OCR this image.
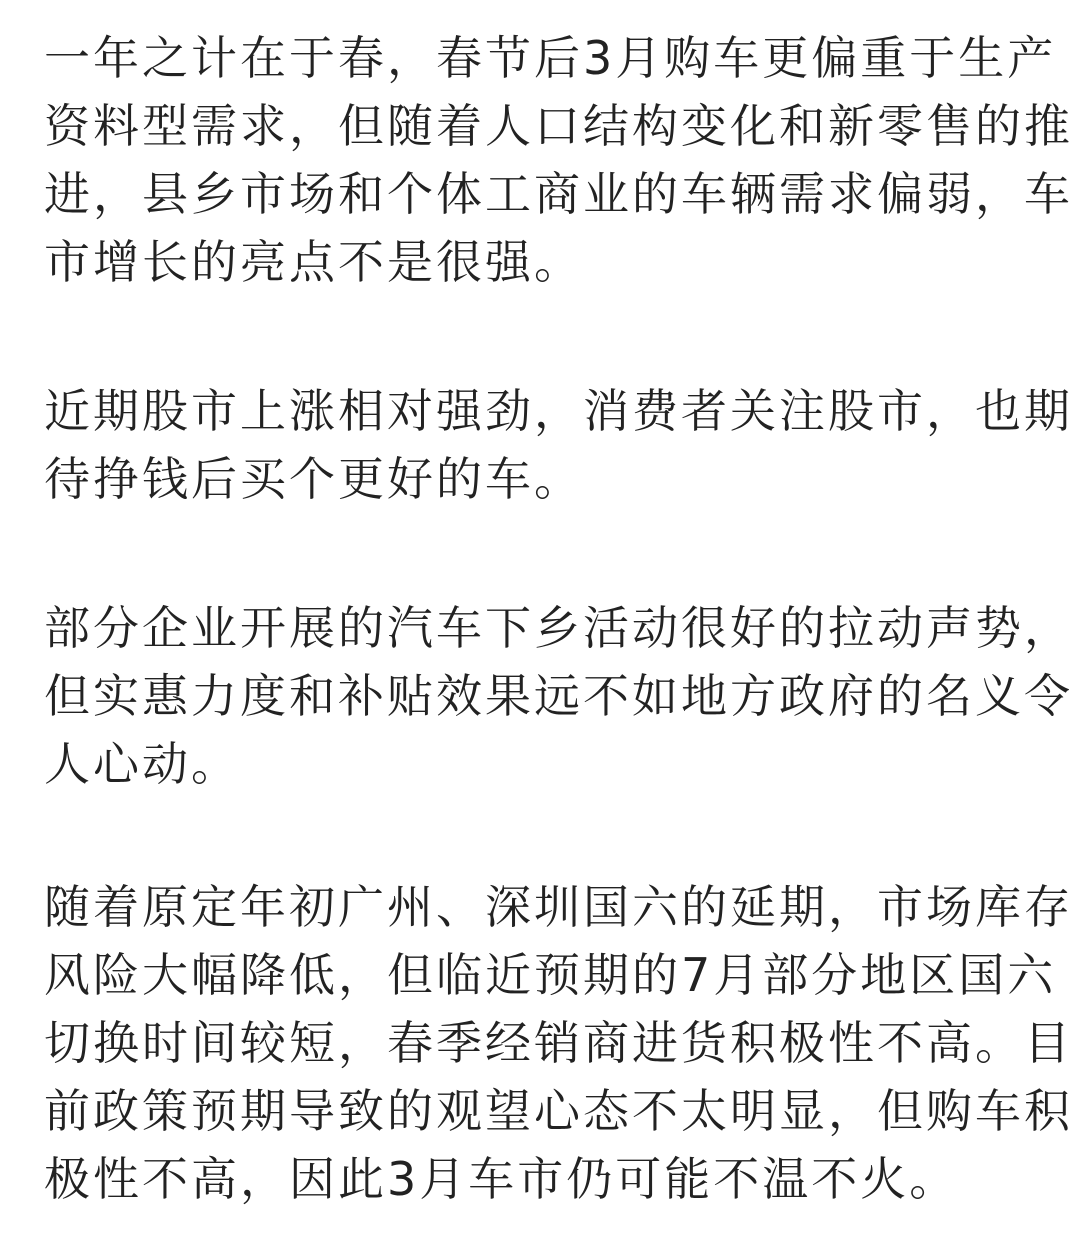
一年之计在于春，春节后3月购车更偏重于生产
资料型需求，但随着人口结构变化和新零售的推
进，县乡市场和个体工商业的车辆需求偏弱，车
市增长的亮点不是很强。

近期股市上涨相对强劲，消费者关注股市，也期
待挣钱后买个更好的车。

部分企业开展的汽车下乡活动很好的拉动声势，
但实惠力度和补贴效果远不如地方政府的名义令
人心动。

随着原定年初广州、深圳国六的延期，市场库存
风险大幅降低，但临近预期的7月部分地区国六
切换时间较短，春季经销商进货积极性不高。目
前政策预期导致的观望心态不太明显，但购车积
极性不高，因此3月车市仍可能不温不火。
